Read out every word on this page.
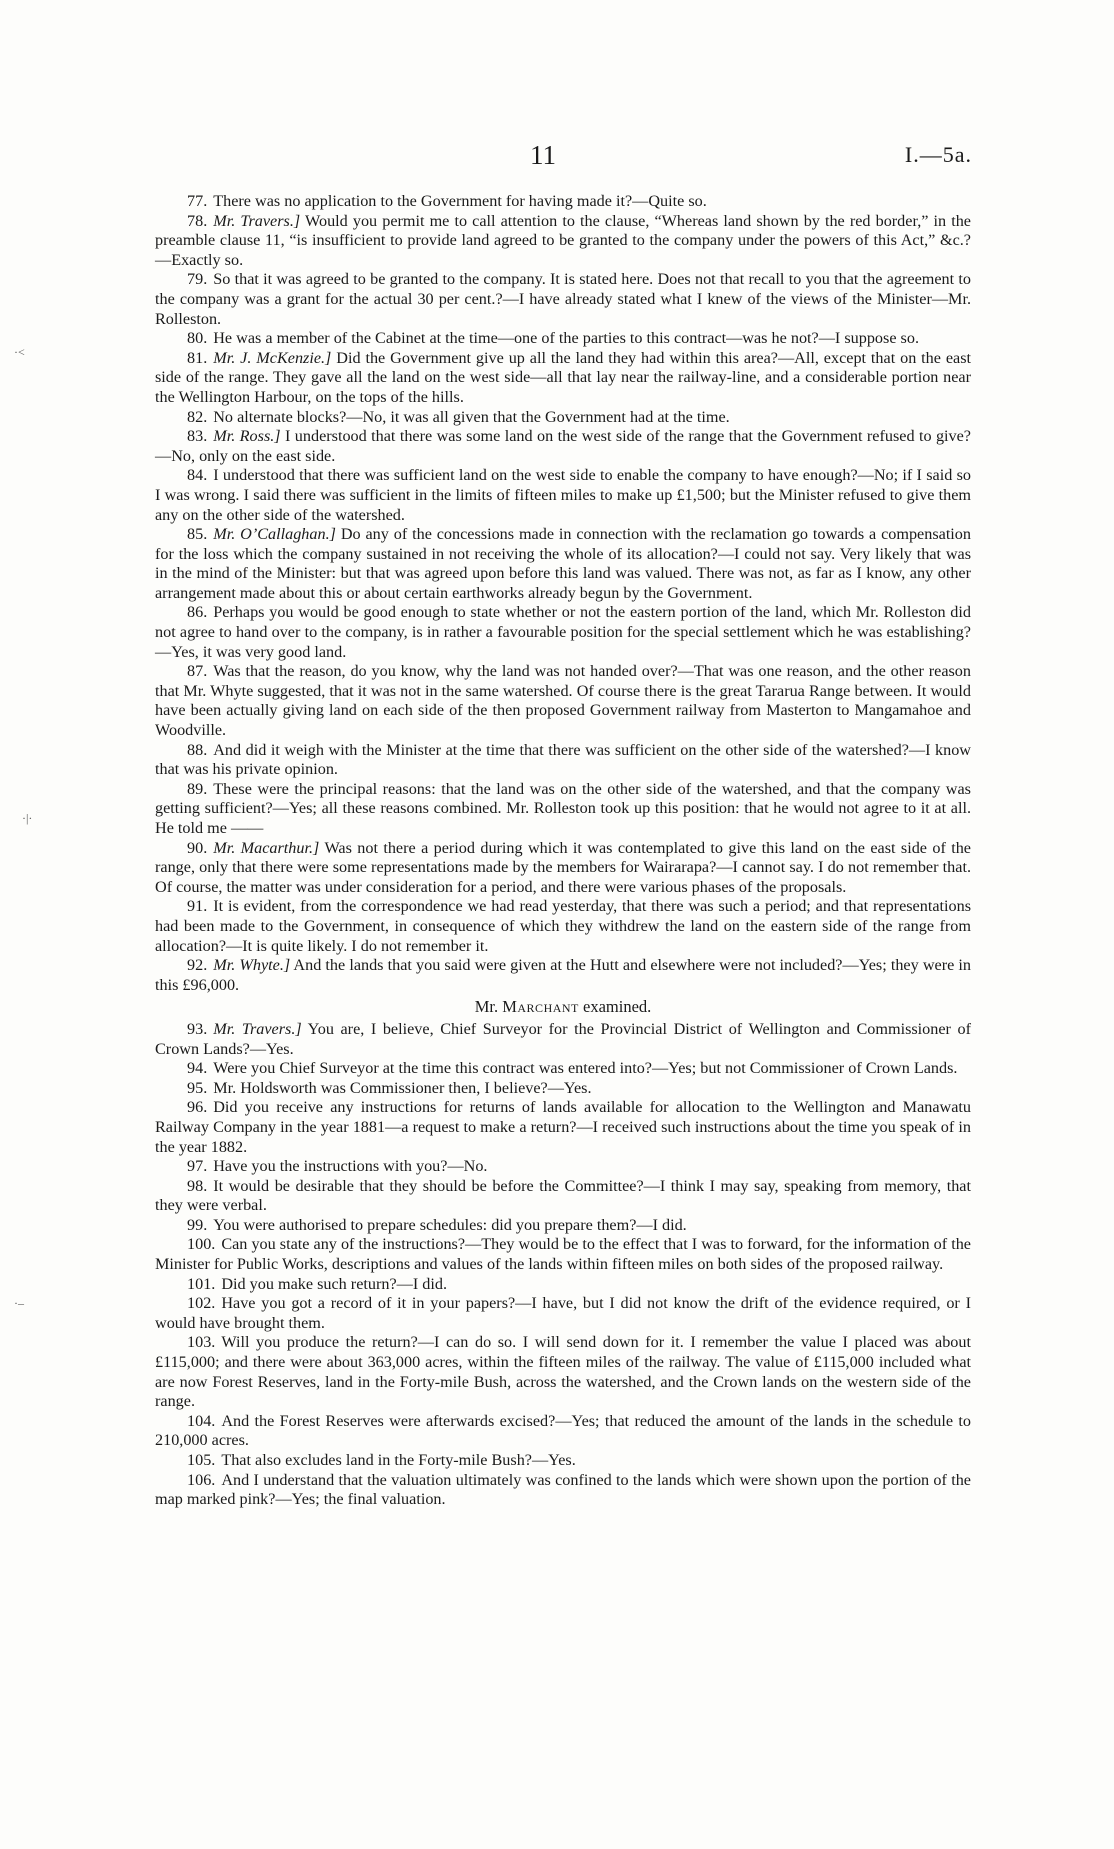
11	I.—5a.
·<
·|·
·–

77. There was no application to the Government for having made it?—Quite so.

78. Mr. Travers.] Would you permit me to call attention to the clause, “Whereas land shown by the red border,” in the preamble clause 11, “is insufficient to provide land agreed to be granted to the company under the powers of this Act,” &c.?—Exactly so.

79. So that it was agreed to be granted to the company. It is stated here. Does not that recall to you that the agreement to the company was a grant for the actual 30 per cent.?—I have already stated what I knew of the views of the Minister—Mr. Rolleston.

80. He was a member of the Cabinet at the time—one of the parties to this contract—was he not?—I suppose so.

81. Mr. J. McKenzie.] Did the Government give up all the land they had within this area?—All, except that on the east side of the range. They gave all the land on the west side—all that lay near the railway-line, and a considerable portion near the Wellington Harbour, on the tops of the hills.

82. No alternate blocks?—No, it was all given that the Government had at the time.

83. Mr. Ross.] I understood that there was some land on the west side of the range that the Government refused to give?—No, only on the east side.

84. I understood that there was sufficient land on the west side to enable the company to have enough?—No; if I said so I was wrong. I said there was sufficient in the limits of fifteen miles to make up £1,500; but the Minister refused to give them any on the other side of the watershed.

85. Mr. O’Callaghan.] Do any of the concessions made in connection with the reclamation go towards a compensation for the loss which the company sustained in not receiving the whole of its allocation?—I could not say. Very likely that was in the mind of the Minister: but that was agreed upon before this land was valued. There was not, as far as I know, any other arrangement made about this or about certain earthworks already begun by the Government.

86. Perhaps you would be good enough to state whether or not the eastern portion of the land, which Mr. Rolleston did not agree to hand over to the company, is in rather a favourable position for the special settlement which he was establishing?—Yes, it was very good land.

87. Was that the reason, do you know, why the land was not handed over?—That was one reason, and the other reason that Mr. Whyte suggested, that it was not in the same watershed. Of course there is the great Tararua Range between. It would have been actually giving land on each side of the then proposed Government railway from Masterton to Mangamahoe and Woodville.

88. And did it weigh with the Minister at the time that there was sufficient on the other side of the watershed?—I know that was his private opinion.

89. These were the principal reasons: that the land was on the other side of the watershed, and that the company was getting sufficient?—Yes; all these reasons combined. Mr. Rolleston took up this position: that he would not agree to it at all. He told me ——

90. Mr. Macarthur.] Was not there a period during which it was contemplated to give this land on the east side of the range, only that there were some representations made by the members for Wairarapa?—I cannot say. I do not remember that. Of course, the matter was under consideration for a period, and there were various phases of the proposals.

91. It is evident, from the correspondence we had read yesterday, that there was such a period; and that representations had been made to the Government, in consequence of which they withdrew the land on the eastern side of the range from allocation?—It is quite likely. I do not remember it.

92. Mr. Whyte.] And the lands that you said were given at the Hutt and elsewhere were not included?—Yes; they were in this £96,000.

Mr. Marchant examined.

93. Mr. Travers.] You are, I believe, Chief Surveyor for the Provincial District of Wellington and Commissioner of Crown Lands?—Yes.

94. Were you Chief Surveyor at the time this contract was entered into?—Yes; but not Commissioner of Crown Lands.

95. Mr. Holdsworth was Commissioner then, I believe?—Yes.

96. Did you receive any instructions for returns of lands available for allocation to the Wellington and Manawatu Railway Company in the year 1881—a request to make a return?—I received such instructions about the time you speak of in the year 1882.

97. Have you the instructions with you?—No.

98. It would be desirable that they should be before the Committee?—I think I may say, speaking from memory, that they were verbal.

99. You were authorised to prepare schedules: did you prepare them?—I did.

100. Can you state any of the instructions?—They would be to the effect that I was to forward, for the information of the Minister for Public Works, descriptions and values of the lands within fifteen miles on both sides of the proposed railway.

101. Did you make such return?—I did.

102. Have you got a record of it in your papers?—I have, but I did not know the drift of the evidence required, or I would have brought them.

103. Will you produce the return?—I can do so. I will send down for it. I remember the value I placed was about £115,000; and there were about 363,000 acres, within the fifteen miles of the railway. The value of £115,000 included what are now Forest Reserves, land in the Forty-mile Bush, across the watershed, and the Crown lands on the western side of the range.

104. And the Forest Reserves were afterwards excised?—Yes; that reduced the amount of the lands in the schedule to 210,000 acres.

105. That also excludes land in the Forty-mile Bush?—Yes.

106. And I understand that the valuation ultimately was confined to the lands which were shown upon the portion of the map marked pink?—Yes; the final valuation.
